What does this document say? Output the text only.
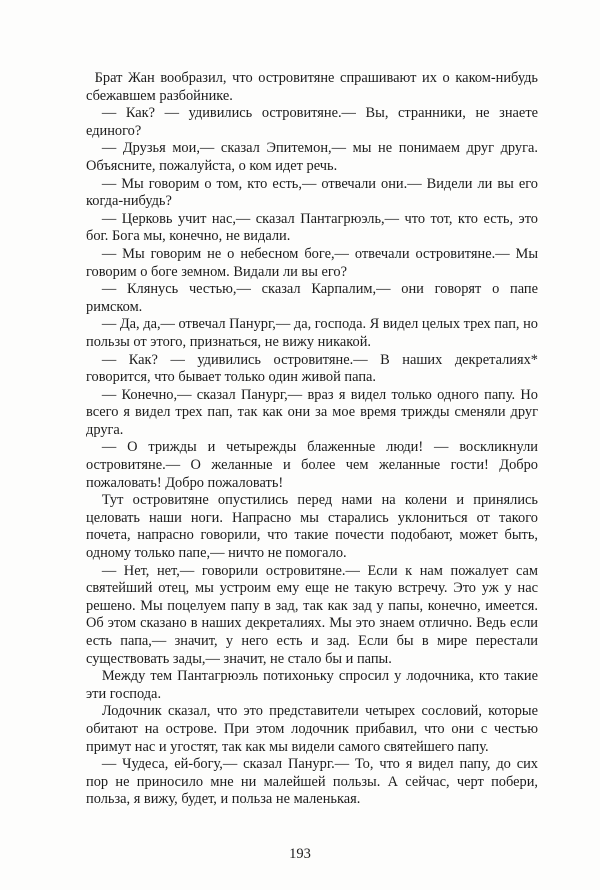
Брат Жан вообразил, что островитяне спрашивают их о каком-нибудь сбежавшем разбойнике.

— Как? — удивились островитяне.— Вы, странники, не знаете единого?

— Друзья мои,— сказал Эпитемон,— мы не понимаем друг друга. Объясните, пожалуйста, о ком идет речь.

— Мы говорим о том, кто есть,— отвечали они.— Видели ли вы его когда-нибудь?

— Церковь учит нас,— сказал Пантагрюэль,— что тот, кто есть, это бог. Бога мы, конечно, не видали.

— Мы говорим не о небесном боге,— отвечали островитяне.— Мы говорим о боге земном. Видали ли вы его?

— Клянусь честью,— сказал Карпалим,— они говорят о папе римском.

— Да, да,— отвечал Панург,— да, господа. Я видел целых трех пап, но пользы от этого, признаться, не вижу никакой.

— Как? — удивились островитяне.— В наших декреталиях* говорится, что бывает только один живой папа.

— Конечно,— сказал Панург,— враз я видел только одного папу. Но всего я видел трех пап, так как они за мое время трижды сменяли друг друга.

— О трижды и четырежды блаженные люди! — воскликнули островитяне.— О желанные и более чем желанные гости! Добро пожаловать! Добро пожаловать!

Тут островитяне опустились перед нами на колени и принялись целовать наши ноги. Напрасно мы старались уклониться от такого почета, напрасно говорили, что такие почести подобают, может быть, одному только папе,— ничто не помогало.

— Нет, нет,— говорили островитяне.— Если к нам пожалует сам святейший отец, мы устроим ему еще не такую встречу. Это уж у нас решено. Мы поцелуем папу в зад, так как зад у папы, конечно, имеется. Об этом сказано в наших декреталиях. Мы это знаем отлично. Ведь если есть папа,— значит, у него есть и зад. Если бы в мире перестали существовать зады,— значит, не стало бы и папы.

Между тем Пантагрюэль потихоньку спросил у лодочника, кто такие эти господа.

Лодочник сказал, что это представители четырех сословий, которые обитают на острове. При этом лодочник прибавил, что они с честью примут нас и угостят, так как мы видели самого святейшего папу.

— Чудеса, ей-богу,— сказал Панург.— То, что я видел папу, до сих пор не приносило мне ни малейшей пользы. А сейчас, черт побери, польза, я вижу, будет, и польза не маленькая.

193
